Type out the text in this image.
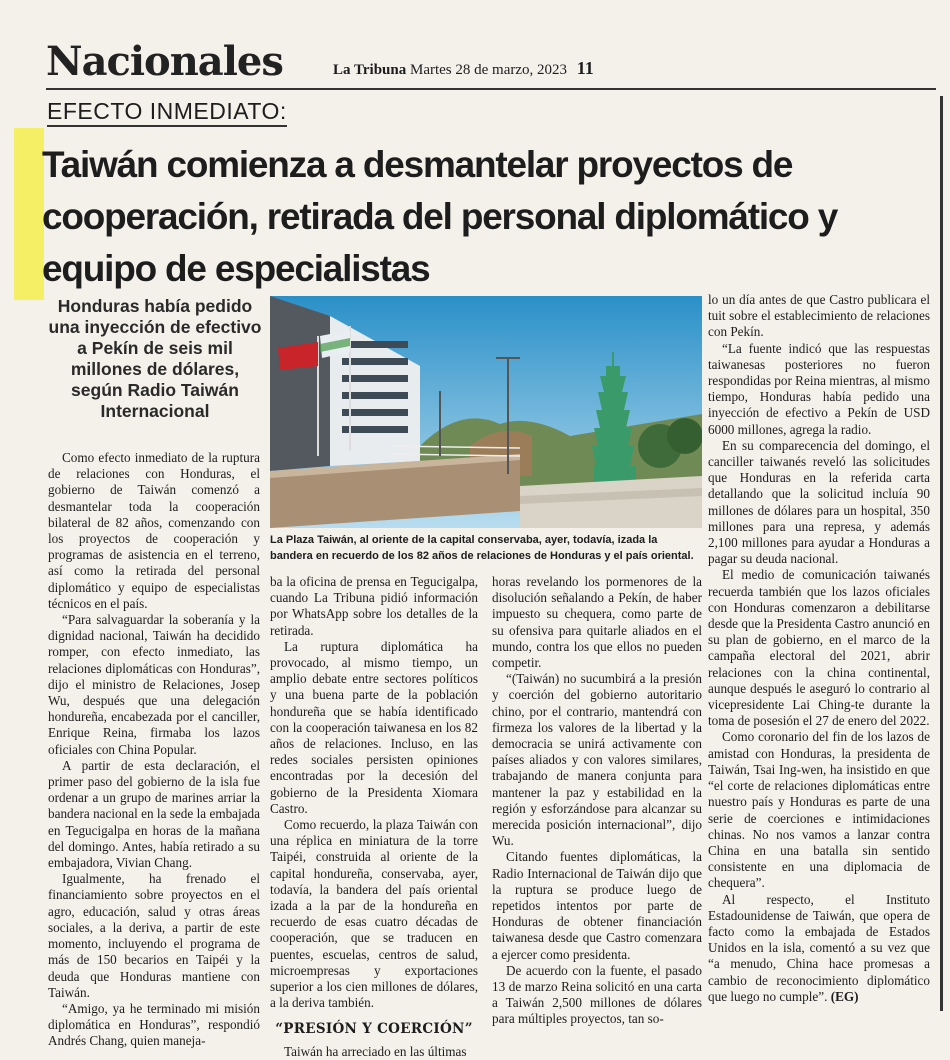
Nacionales	La Tribuna Martes 28 de marzo, 2023 11
EFECTO INMEDIATO:
Taiwán comienza a desmantelar proyectos de cooperación, retirada del personal diplomático y equipo de especialistas
Honduras había pedido una inyección de efectivo a Pekín de seis mil millones de dólares, según Radio Taiwán Internacional
La Plaza Taiwán, al oriente de la capital conservaba, ayer, todavía, izada la bandera en recuerdo de los 82 años de relaciones de Honduras y el país oriental.

Como efecto inmediato de la ruptura de relaciones con Honduras, el gobierno de Taiwán comenzó a desmantelar toda la cooperación bilateral de 82 años, comenzando con los proyectos de cooperación y programas de asistencia en el terreno, así como la retirada del personal diplomático y equipo de especialistas técnicos en el país.

“Para salvaguardar la soberanía y la dignidad nacional, Taiwán ha decidido romper, con efecto inmediato, las relaciones diplomáticas con Honduras”, dijo el ministro de Relaciones, Josep Wu, después que una delegación hondureña, encabezada por el canciller, Enrique Reina, firmaba los lazos oficiales con China Popular.

A partir de esta declaración, el primer paso del gobierno de la isla fue ordenar a un grupo de marines arriar la bandera nacional en la sede la embajada en Tegucigalpa en horas de la mañana del domingo. Antes, había retirado a su embajadora, Vivian Chang.

Igualmente, ha frenado el financiamiento sobre proyectos en el agro, educación, salud y otras áreas sociales, a la deriva, a partir de este momento, incluyendo el programa de más de 150 becarios en Taipéi y la deuda que Honduras mantiene con Taiwán.

“Amigo, ya he terminado mi misión diplomática en Honduras”, respondió Andrés Chang, quien maneja-

ba la oficina de prensa en Tegucigalpa, cuando La Tribuna pidió información por WhatsApp sobre los detalles de la retirada.

La ruptura diplomática ha provocado, al mismo tiempo, un amplio debate entre sectores políticos y una buena parte de la población hondureña que se había identificado con la cooperación taiwanesa en los 82 años de relaciones. Incluso, en las redes sociales persisten opiniones encontradas por la decesión del gobierno de la Presidenta Xiomara Castro.

Como recuerdo, la plaza Taiwán con una réplica en miniatura de la torre Taipéi, construida al oriente de la capital hondureña, conservaba, ayer, todavía, la bandera del país oriental izada a la par de la hondureña en recuerdo de esas cuatro décadas de cooperación, que se traducen en puentes, escuelas, centros de salud, microempresas y exportaciones superior a los cien millones de dólares, a la deriva también.

“PRESIÓN Y COERCIÓN”

Taiwán ha arreciado en las últimas

horas revelando los pormenores de la disolución señalando a Pekín, de haber impuesto su chequera, como parte de su ofensiva para quitarle aliados en el mundo, contra los que ellos no pueden competir.

“(Taiwán) no sucumbirá a la presión y coerción del gobierno autoritario chino, por el contrario, mantendrá con firmeza los valores de la libertad y la democracia se unirá activamente con países aliados y con valores similares, trabajando de manera conjunta para mantener la paz y estabilidad en la región y esforzándose para alcanzar su merecida posición internacional”, dijo Wu.

Citando fuentes diplomáticas, la Radio Internacional de Taiwán dijo que la ruptura se produce luego de repetidos intentos por parte de Honduras de obtener financiación taiwanesa desde que Castro comenzara a ejercer como presidenta.

De acuerdo con la fuente, el pasado 13 de marzo Reina solicitó en una carta a Taiwán 2,500 millones de dólares para múltiples proyectos, tan so-

lo un día antes de que Castro publicara el tuit sobre el establecimiento de relaciones con Pekín.

“La fuente indicó que las respuestas taiwanesas posteriores no fueron respondidas por Reina mientras, al mismo tiempo, Honduras había pedido una inyección de efectivo a Pekín de USD 6000 millones, agrega la radio.

En su comparecencia del domingo, el canciller taiwanés reveló las solicitudes que Honduras en la referida carta detallando que la solicitud incluía 90 millones de dólares para un hospital, 350 millones para una represa, y además 2,100 millones para ayudar a Honduras a pagar su deuda nacional.

El medio de comunicación taiwanés recuerda también que los lazos oficiales con Honduras comenzaron a debilitarse desde que la Presidenta Castro anunció en su plan de gobierno, en el marco de la campaña electoral del 2021, abrir relaciones con la china continental, aunque después le aseguró lo contrario al vicepresidente Lai Ching-te durante la toma de posesión el 27 de enero del 2022.

Como coronario del fin de los lazos de amistad con Honduras, la presidenta de Taiwán, Tsai Ing-wen, ha insistido en que “el corte de relaciones diplomáticas entre nuestro país y Honduras es parte de una serie de coerciones e intimidaciones chinas. No nos vamos a lanzar contra China en una batalla sin sentido consistente en una diplomacia de chequera”.

Al respecto, el Instituto Estadounidense de Taiwán, que opera de facto como la embajada de Estados Unidos en la isla, comentó a su vez que “a menudo, China hace promesas a cambio de reconocimiento diplomático que luego no cumple”. (EG)
